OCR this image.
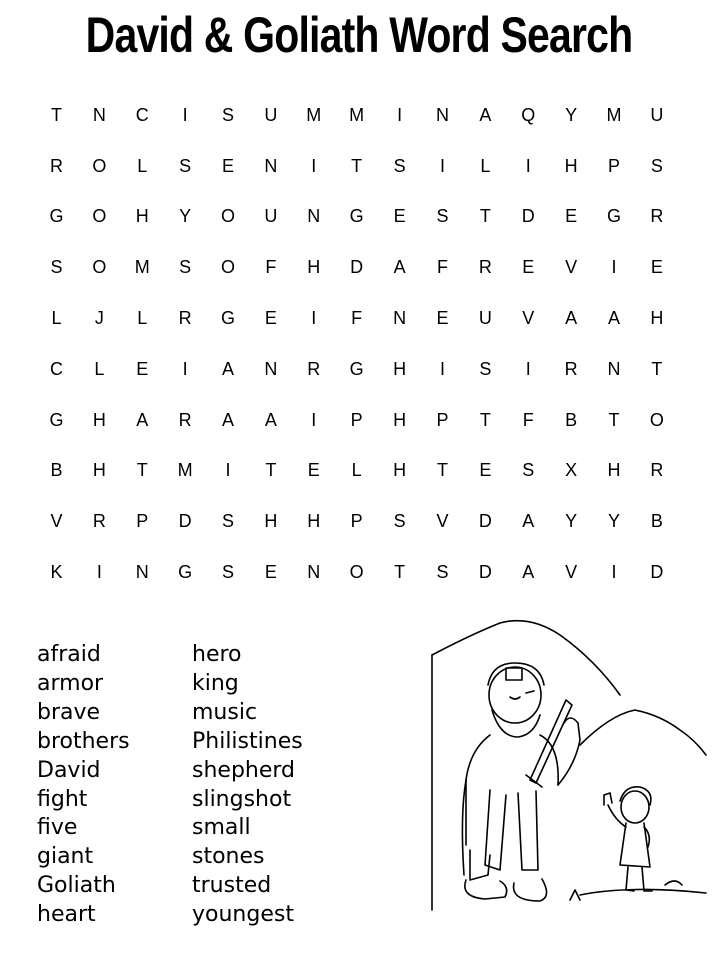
David & Goliath Word Search
T	N	C	I	S	U	M	M	I	N	A	Q	Y	M	U
R	O	L	S	E	N	I	T	S	I	L	I	H	P	S
G	O	H	Y	O	U	N	G	E	S	T	D	E	G	R
S	O	M	S	O	F	H	D	A	F	R	E	V	I	E
L	J	L	R	G	E	I	F	N	E	U	V	A	A	H
C	L	E	I	A	N	R	G	H	I	S	I	R	N	T
G	H	A	R	A	A	I	P	H	P	T	F	B	T	O
B	H	T	M	I	T	E	L	H	T	E	S	X	H	R
V	R	P	D	S	H	H	P	S	V	D	A	Y	Y	B
K	I	N	G	S	E	N	O	T	S	D	A	V	I	D
afraid
armor
brave
brothers
David
fight
five
giant
Goliath
heart
hero
king
music
Philistines
shepherd
slingshot
small
stones
trusted
youngest
